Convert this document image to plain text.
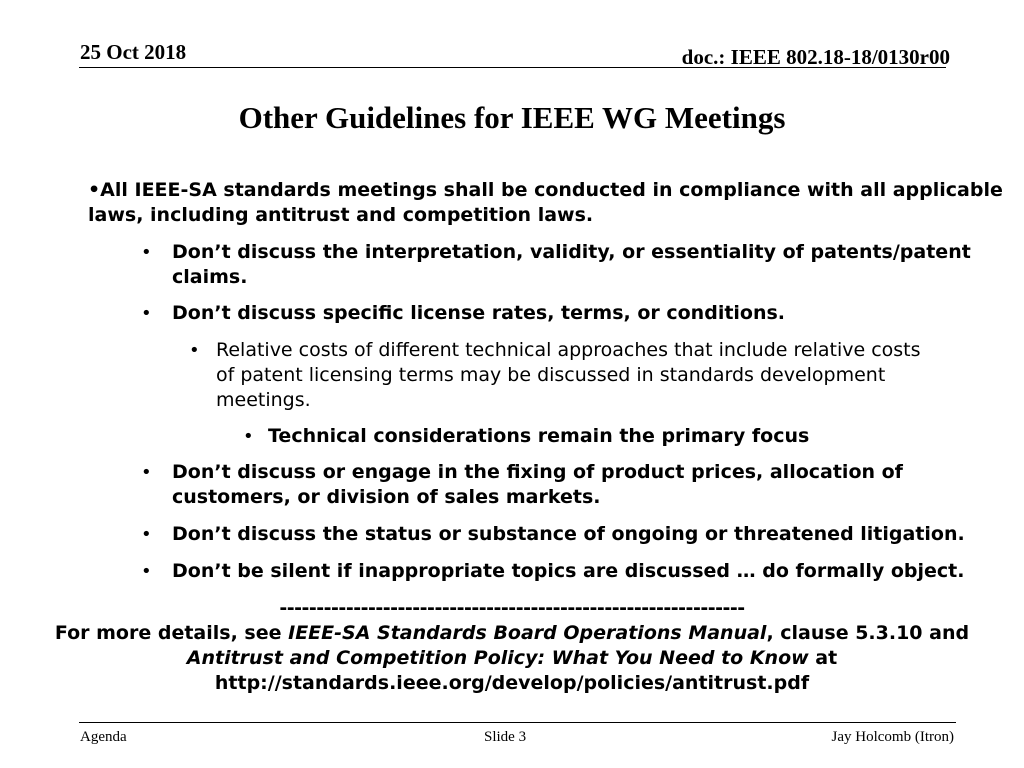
25 Oct 2018	doc.: IEEE 802.18-18/0130r00
Other Guidelines for IEEE WG Meetings
•All IEEE-SA standards meetings shall be conducted in compliance with all applicable
laws, including antitrust and competition laws.
• Don’t discuss the interpretation, validity, or essentiality of patents/patent
claims.
• Don’t discuss specific license rates, terms, or conditions.
• Relative costs of different technical approaches that include relative costs
of patent licensing terms may be discussed in standards development
meetings.
• Technical considerations remain the primary focus
• Don’t discuss or engage in the fixing of product prices, allocation of
customers, or division of sales markets.
• Don’t discuss the status or substance of ongoing or threatened litigation.
• Don’t be silent if inappropriate topics are discussed … do formally object.
---------------------------------------------------------------
For more details, see IEEE-SA Standards Board Operations Manual, clause 5.3.10 and
Antitrust and Competition Policy: What You Need to Know at
http://standards.ieee.org/develop/policies/antitrust.pdf
Agenda	Slide 3	Jay Holcomb (Itron)
